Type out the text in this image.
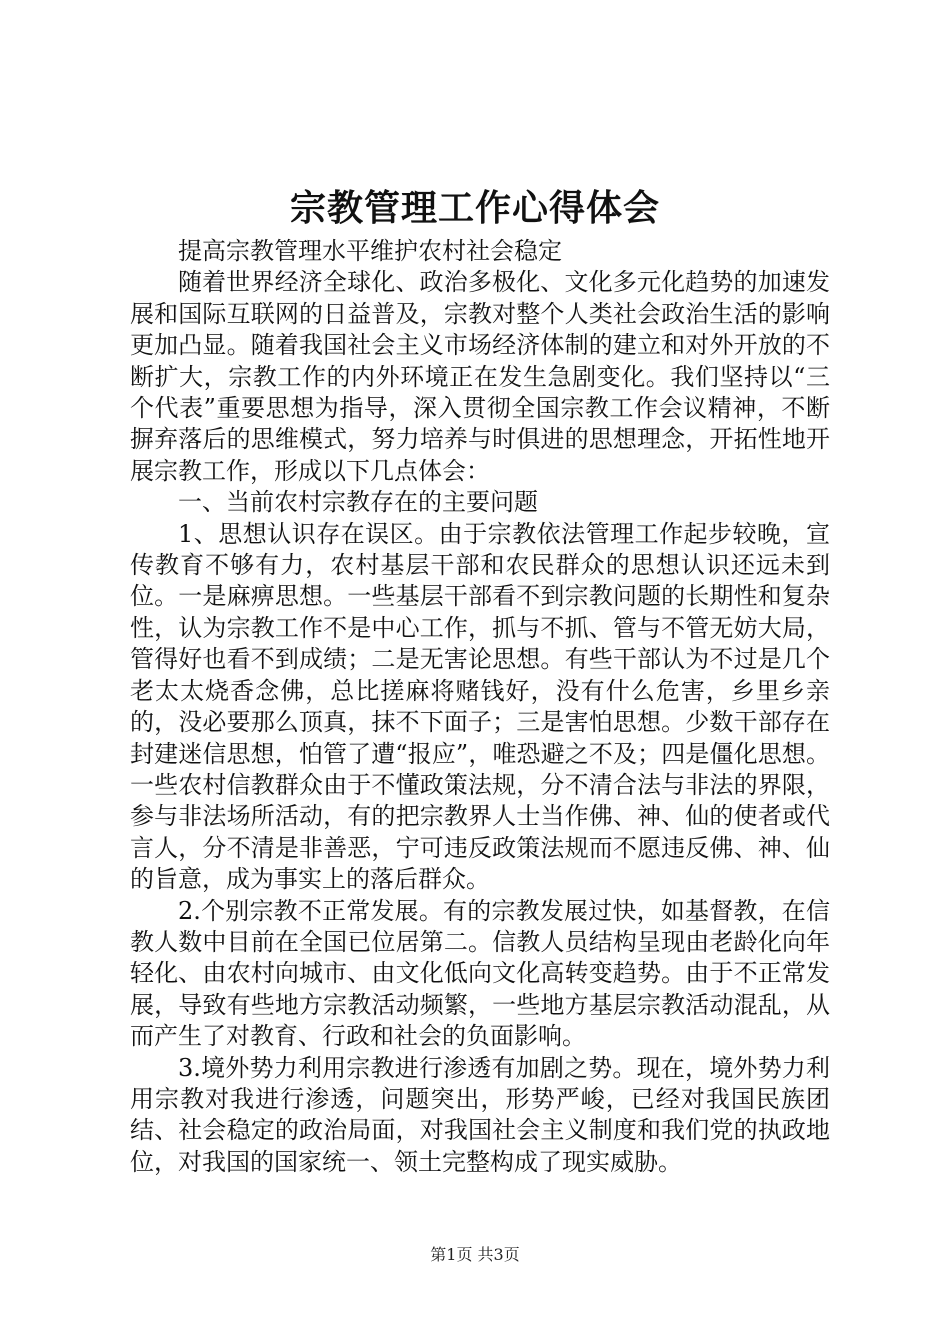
宗教管理工作心得体会

提高宗教管理水平维护农村社会稳定

随着世界经济全球化、政治多极化、文化多元化趋势的加速发展和国际互联网的日益普及，宗教对整个人类社会政治生活的影响更加凸显。随着我国社会主义市场经济体制的建立和对外开放的不断扩大，宗教工作的内外环境正在发生急剧变化。我们坚持以“三个代表”重要思想为指导，深入贯彻全国宗教工作会议精神，不断摒弃落后的思维模式，努力培养与时俱进的思想理念，开拓性地开展宗教工作，形成以下几点体会：

一、当前农村宗教存在的主要问题

1、思想认识存在误区。由于宗教依法管理工作起步较晚，宣传教育不够有力，农村基层干部和农民群众的思想认识还远未到位。一是麻痹思想。一些基层干部看不到宗教问题的长期性和复杂性，认为宗教工作不是中心工作，抓与不抓、管与不管无妨大局，管得好也看不到成绩；二是无害论思想。有些干部认为不过是几个老太太烧香念佛，总比搓麻将赌钱好，没有什么危害，乡里乡亲的，没必要那么顶真，抹不下面子；三是害怕思想。少数干部存在封建迷信思想，怕管了遭“报应”，唯恐避之不及；四是僵化思想。一些农村信教群众由于不懂政策法规，分不清合法与非法的界限，参与非法场所活动，有的把宗教界人士当作佛、神、仙的使者或代言人，分不清是非善恶，宁可违反政策法规而不愿违反佛、神、仙的旨意，成为事实上的落后群众。

2.个别宗教不正常发展。有的宗教发展过快，如基督教，在信教人数中目前在全国已位居第二。信教人员结构呈现由老龄化向年轻化、由农村向城市、由文化低向文化高转变趋势。由于不正常发展，导致有些地方宗教活动频繁，一些地方基层宗教活动混乱，从而产生了对教育、行政和社会的负面影响。

3.境外势力利用宗教进行渗透有加剧之势。现在，境外势力利用宗教对我进行渗透，问题突出，形势严峻，已经对我国民族团结、社会稳定的政治局面，对我国社会主义制度和我们党的执政地位，对我国的国家统一、领土完整构成了现实威胁。

第1页 共3页
